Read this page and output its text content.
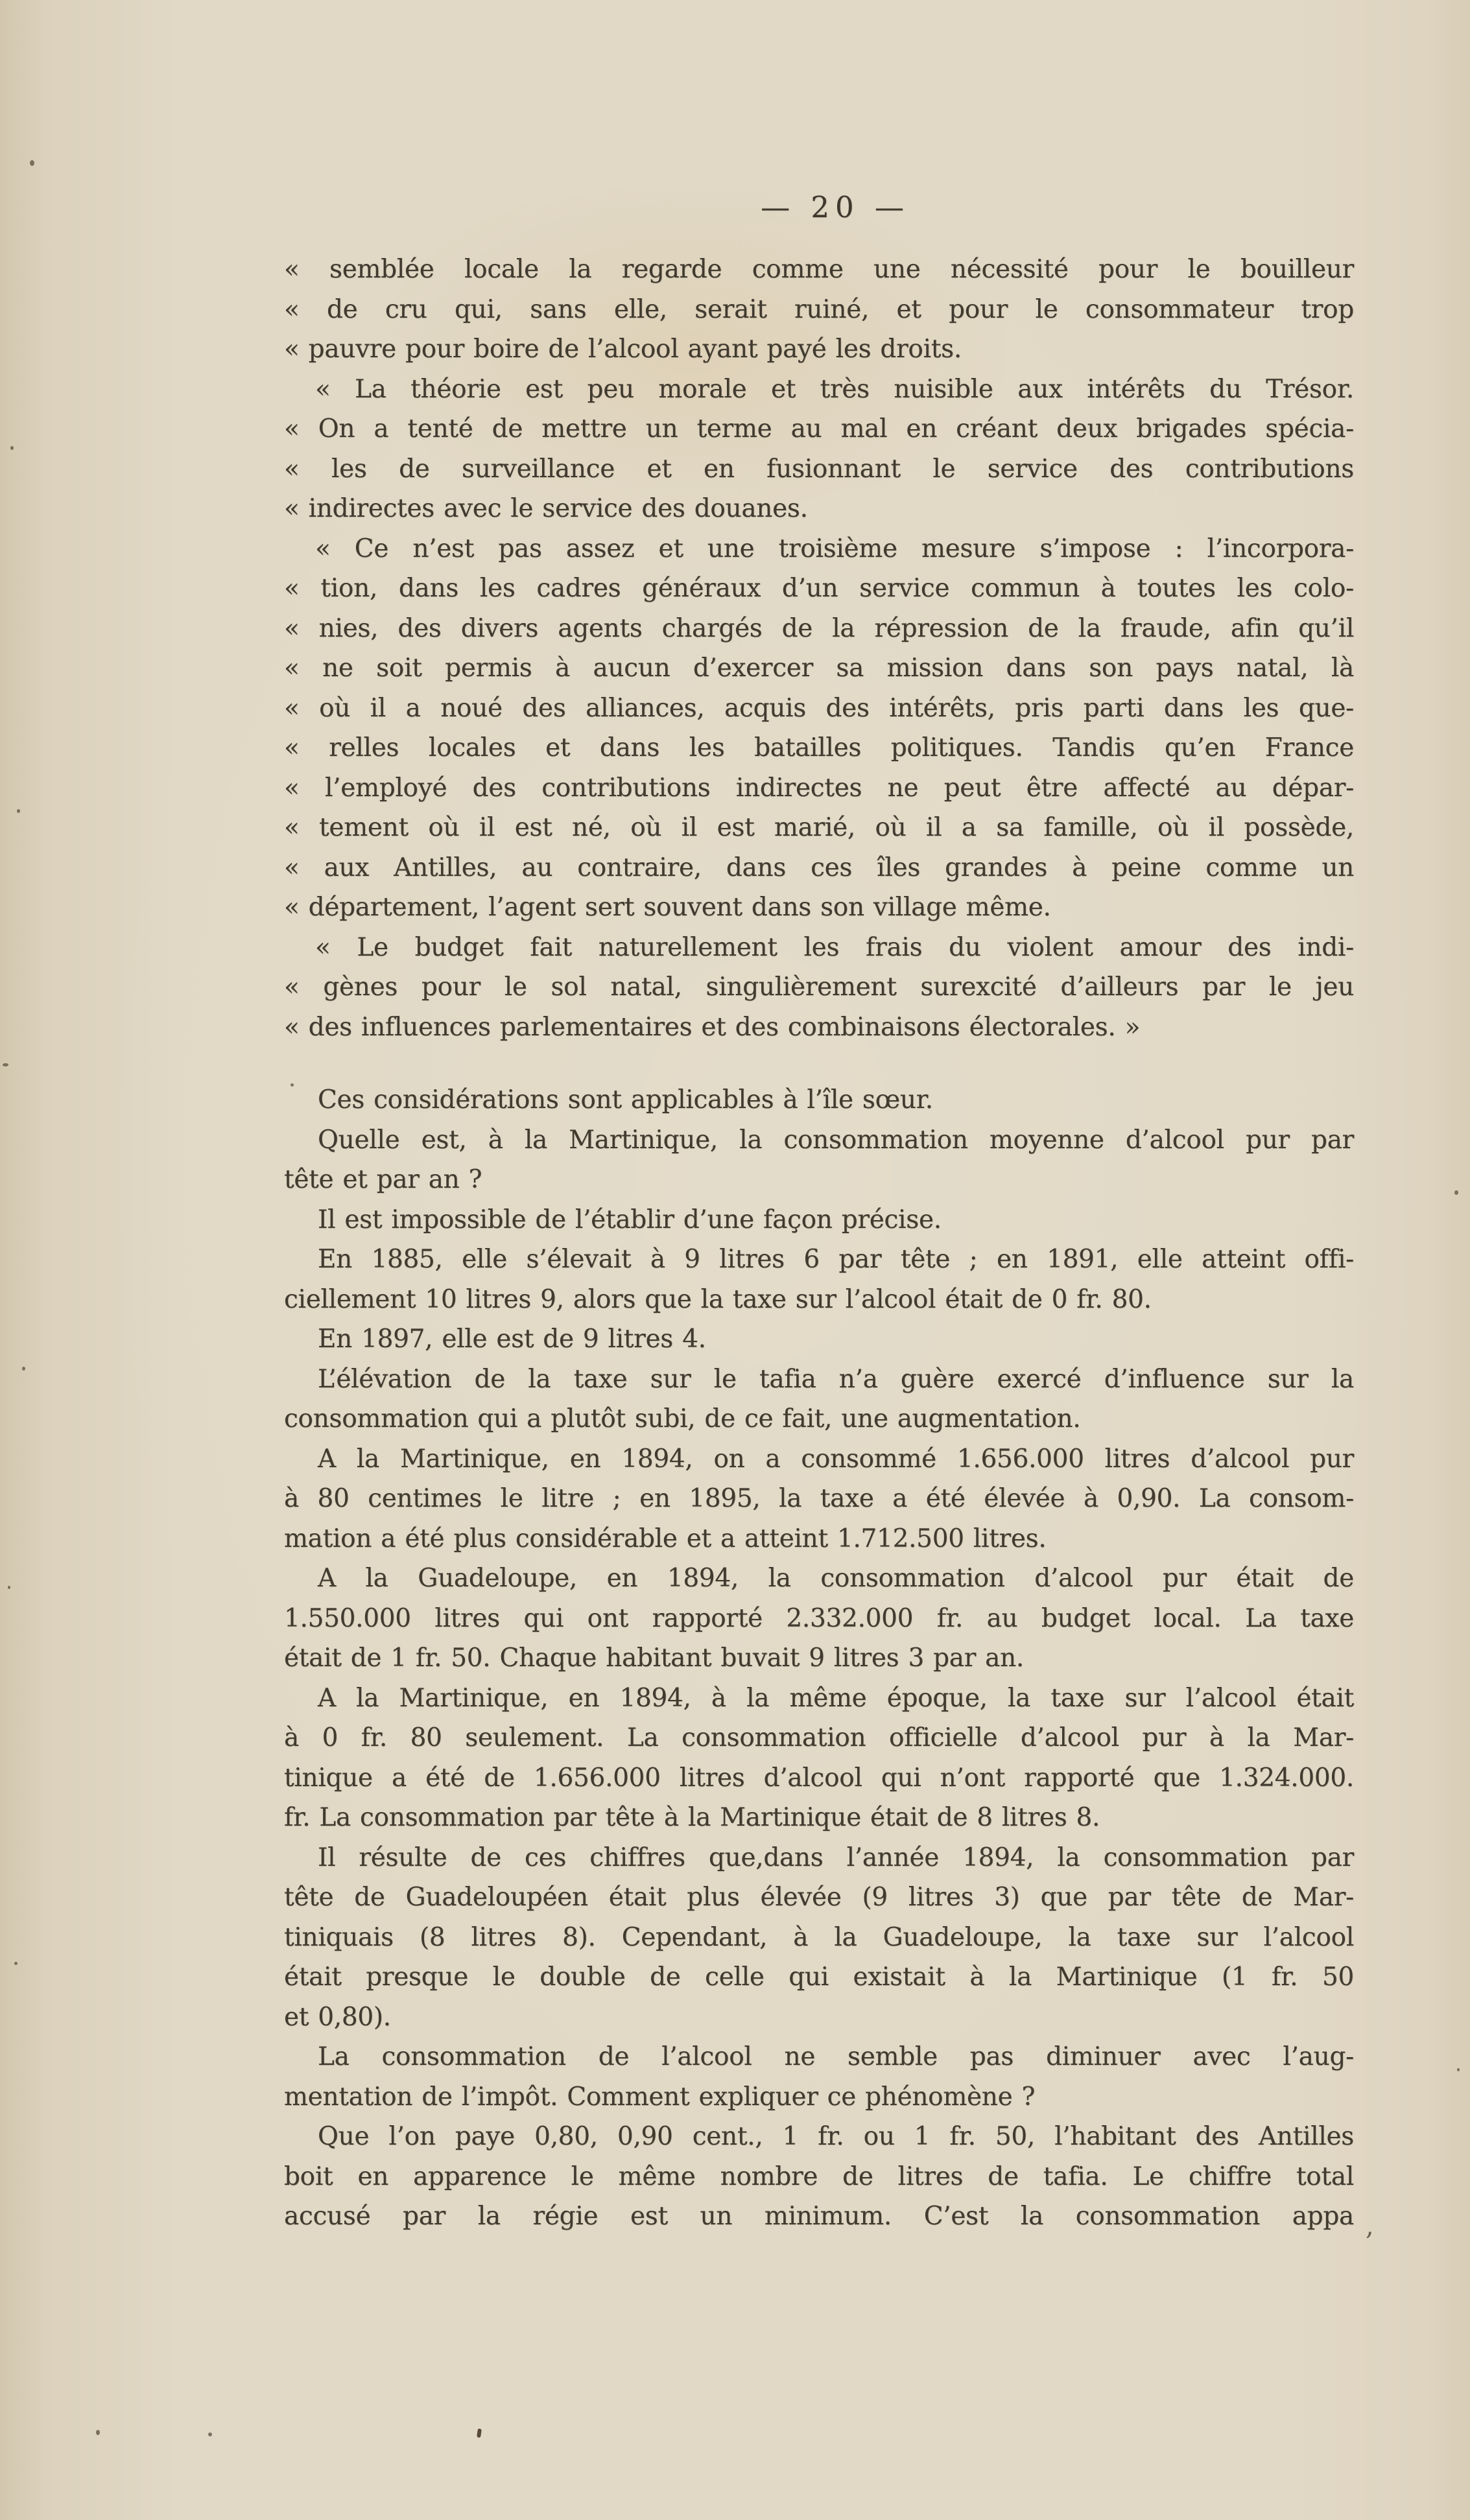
— 20 —
« semblée locale la regarde comme une nécessité pour le bouilleur
« de cru qui, sans elle, serait ruiné, et pour le consommateur trop
« pauvre pour boire de l’alcool ayant payé les droits.
« La théorie est peu morale et très nuisible aux intérêts du Trésor.
« On a tenté de mettre un terme au mal en créant deux brigades spécia-
« les de surveillance et en fusionnant le service des contributions
« indirectes avec le service des douanes.
« Ce n’est pas assez et une troisième mesure s’impose : l’incorpora-
« tion, dans les cadres généraux d’un service commun à toutes les colo-
« nies, des divers agents chargés de la répression de la fraude, afin qu’il
« ne soit permis à aucun d’exercer sa mission dans son pays natal, là
« où il a noué des alliances, acquis des intérêts, pris parti dans les que-
« relles locales et dans les batailles politiques. Tandis qu’en France
« l’employé des contributions indirectes ne peut être affecté au dépar-
« tement où il est né, où il est marié, où il a sa famille, où il possède,
« aux Antilles, au contraire, dans ces îles grandes à peine comme un
« département, l’agent sert souvent dans son village même.
« Le budget fait naturellement les frais du violent amour des indi-
« gènes pour le sol natal, singulièrement surexcité d’ailleurs par le jeu
« des influences parlementaires et des combinaisons électorales. »
Ces considérations sont applicables à l’île sœur.
Quelle est, à la Martinique, la consommation moyenne d’alcool pur par
tête et par an ?
Il est impossible de l’établir d’une façon précise.
En 1885, elle s’élevait à 9 litres 6 par tête ; en 1891, elle atteint offi-
ciellement 10 litres 9, alors que la taxe sur l’alcool était de 0 fr. 80.
En 1897, elle est de 9 litres 4.
L’élévation de la taxe sur le tafia n’a guère exercé d’influence sur la
consommation qui a plutôt subi, de ce fait, une augmentation.
A la Martinique, en 1894, on a consommé 1.656.000 litres d’alcool pur
à 80 centimes le litre ; en 1895, la taxe a été élevée à 0,90. La consom-
mation a été plus considérable et a atteint 1.712.500 litres.
A la Guadeloupe, en 1894, la consommation d’alcool pur était de
1.550.000 litres qui ont rapporté 2.332.000 fr. au budget local. La taxe
était de 1 fr. 50. Chaque habitant buvait 9 litres 3 par an.
A la Martinique, en 1894, à la même époque, la taxe sur l’alcool était
à 0 fr. 80 seulement. La consommation officielle d’alcool pur à la Mar-
tinique a été de 1.656.000 litres d’alcool qui n’ont rapporté que 1.324.000.
fr. La consommation par tête à la Martinique était de 8 litres 8.
Il résulte de ces chiffres que,dans l’année 1894, la consommation par
tête de Guadeloupéen était plus élevée (9 litres 3) que par tête de Mar-
tiniquais (8 litres 8). Cependant, à la Guadeloupe, la taxe sur l’alcool
était presque le double de celle qui existait à la Martinique (1 fr. 50
et 0,80).
La consommation de l’alcool ne semble pas diminuer avec l’aug-
mentation de l’impôt. Comment expliquer ce phénomène ?
Que l’on paye 0,80, 0,90 cent., 1 fr. ou 1 fr. 50, l’habitant des Antilles
boit en apparence le même nombre de litres de tafia. Le chiffre total
accusé par la régie est un minimum. C’est la consommation appa ,
